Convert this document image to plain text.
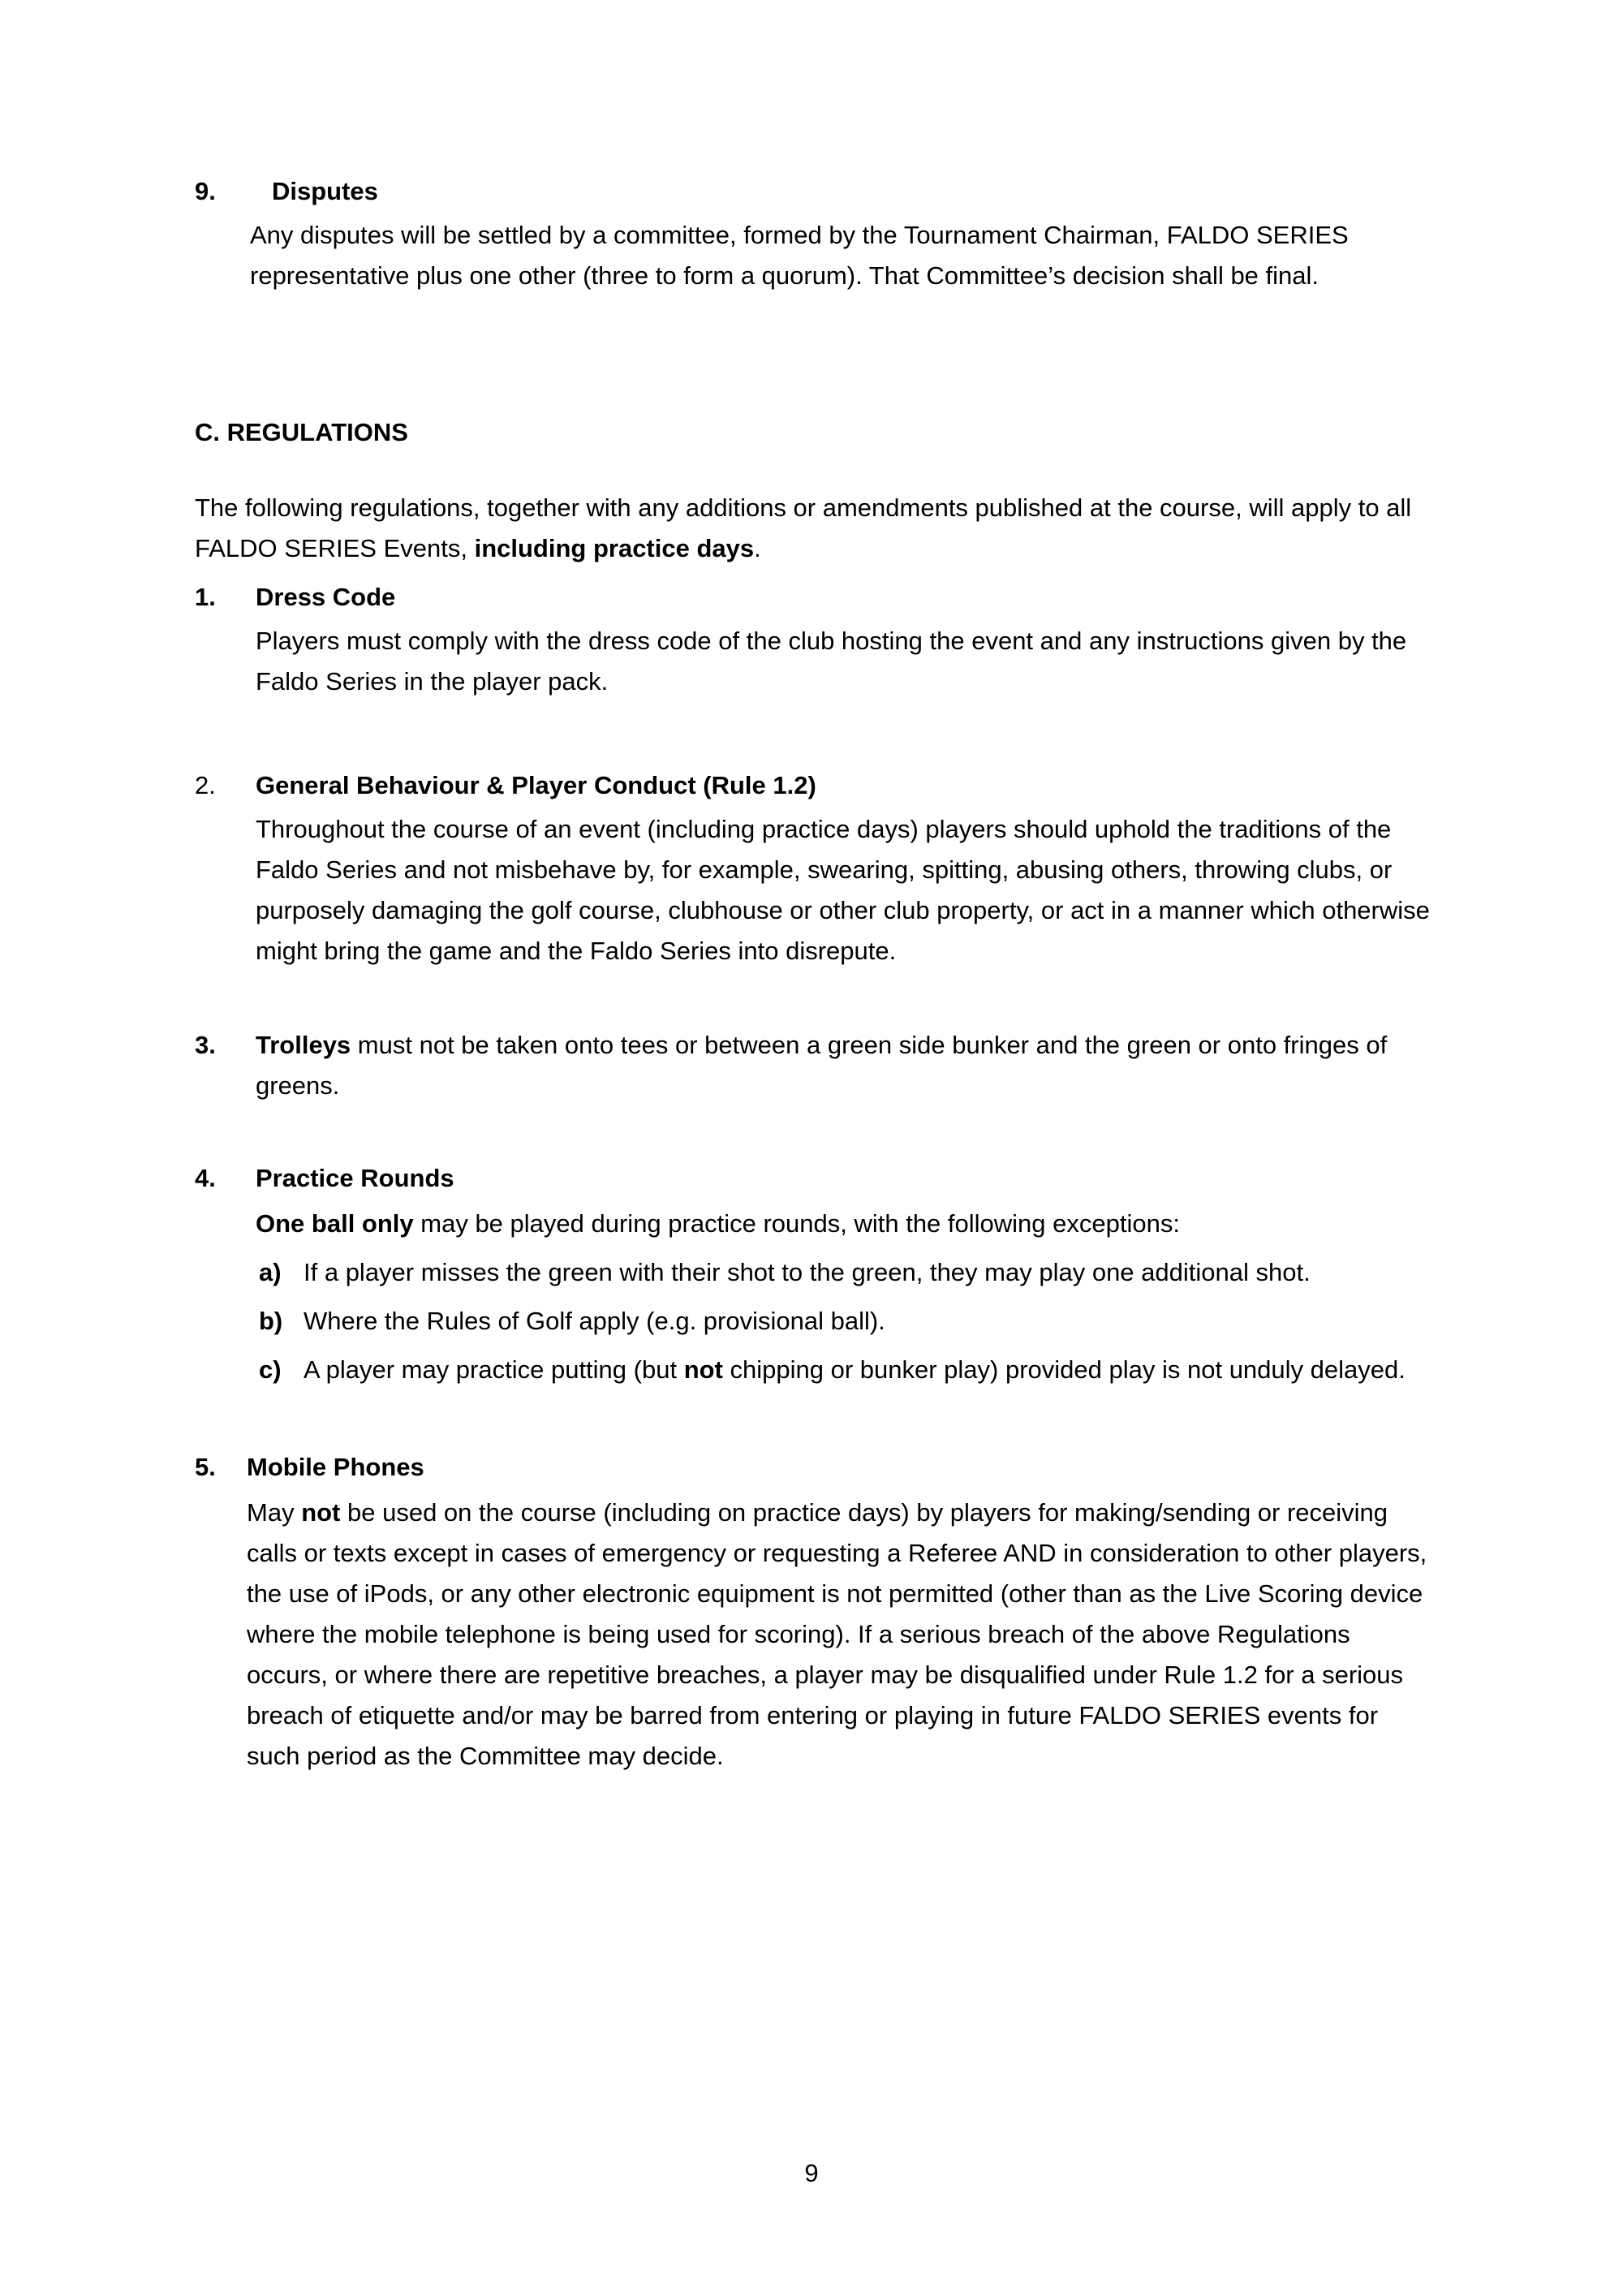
9. Disputes

Any disputes will be settled by a committee, formed by the Tournament Chairman, FALDO SERIES representative plus one other (three to form a quorum). That Committee’s decision shall be final.

C. REGULATIONS

The following regulations, together with any additions or amendments published at the course, will apply to all FALDO SERIES Events, including practice days.

1.	Dress Code

Players must comply with the dress code of the club hosting the event and any instructions given by the Faldo Series in the player pack.

2.	General Behaviour & Player Conduct (Rule 1.2)

Throughout the course of an event (including practice days) players should uphold the traditions of the Faldo Series and not misbehave by, for example, swearing, spitting, abusing others, throwing clubs, or purposely damaging the golf course, clubhouse or other club property, or act in a manner which otherwise might bring the game and the Faldo Series into disrepute.

3.	Trolleys must not be taken onto tees or between a green side bunker and the green or onto fringes of greens.

4.	Practice Rounds

One ball only may be played during practice rounds, with the following exceptions:

a) If a player misses the green with their shot to the green, they may play one additional shot.
b) Where the Rules of Golf apply (e.g. provisional ball).
c) A player may practice putting (but not chipping or bunker play) provided play is not unduly delayed.
5.	Mobile Phones

May not be used on the course (including on practice days) by players for making/sending or receiving calls or texts except in cases of emergency or requesting a Referee AND in consideration to other players, the use of iPods, or any other electronic equipment is not permitted (other than as the Live Scoring device where the mobile telephone is being used for scoring). If a serious breach of the above Regulations occurs, or where there are repetitive breaches, a player may be disqualified under Rule 1.2 for a serious breach of etiquette and/or may be barred from entering or playing in future FALDO SERIES events for such period as the Committee may decide.

9
